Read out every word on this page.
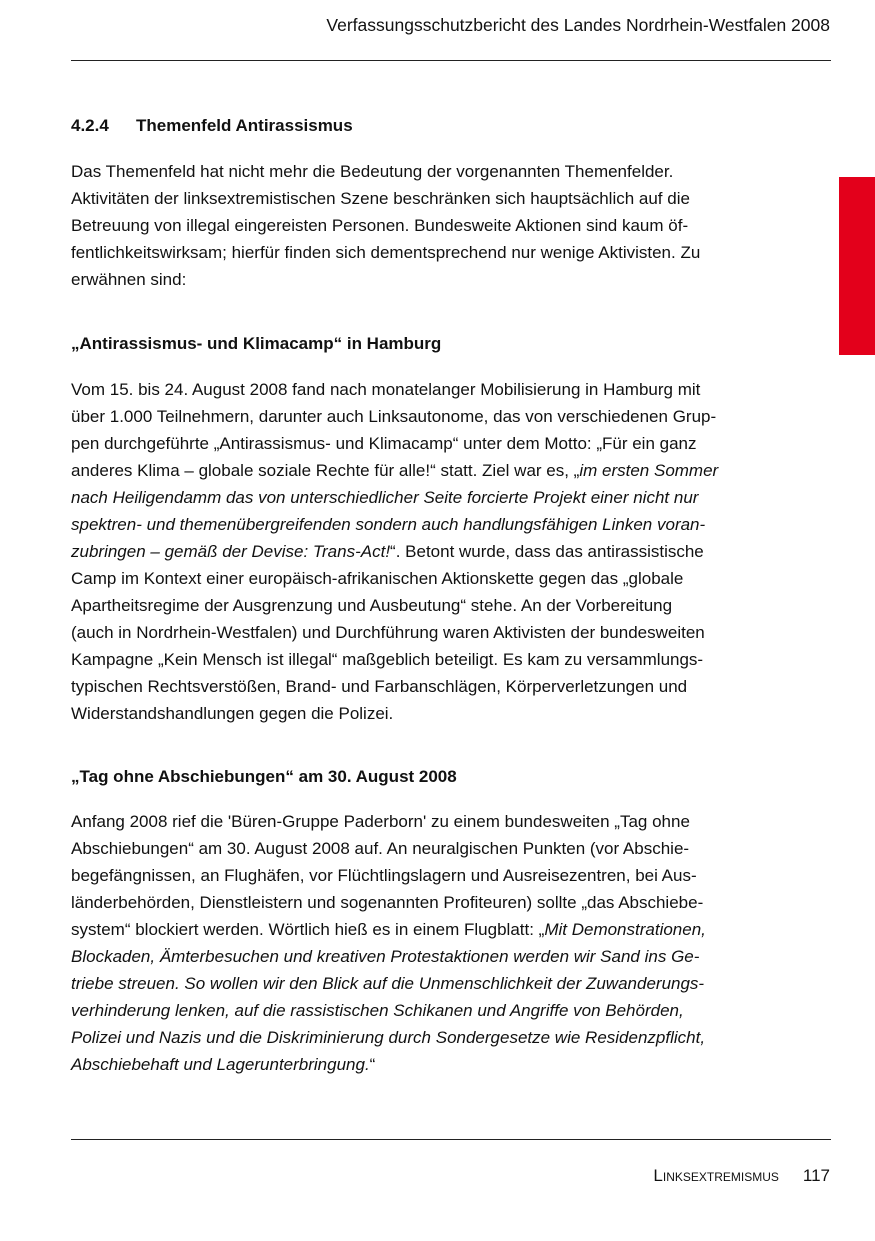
Verfassungsschutzbericht des Landes Nordrhein-Westfalen 2008
4.2.4 Themenfeld Antirassismus

Das Themenfeld hat nicht mehr die Bedeutung der vorgenannten Themenfelder.
Aktivitäten der linksextremistischen Szene beschränken sich hauptsächlich auf die
Betreuung von illegal eingereisten Personen. Bundesweite Aktionen sind kaum öf-
fentlichkeitswirksam; hierfür finden sich dementsprechend nur wenige Aktivisten. Zu
erwähnen sind:

„Antirassismus- und Klimacamp“ in Hamburg

Vom 15. bis 24. August 2008 fand nach monatelanger Mobilisierung in Hamburg mit
über 1.000 Teilnehmern, darunter auch Linksautonome, das von verschiedenen Grup-
pen durchgeführte „Antirassismus- und Klimacamp“ unter dem Motto: „Für ein ganz
anderes Klima – globale soziale Rechte für alle!“ statt. Ziel war es, „im ersten Sommer
nach Heiligendamm das von unterschiedlicher Seite forcierte Projekt einer nicht nur
spektren- und themenübergreifenden sondern auch handlungsfähigen Linken voran-
zubringen – gemäß der Devise: Trans-Act!“. Betont wurde, dass das antirassistische
Camp im Kontext einer europäisch-afrikanischen Aktionskette gegen das „globale
Apartheitsregime der Ausgrenzung und Ausbeutung“ stehe. An der Vorbereitung
(auch in Nordrhein-Westfalen) und Durchführung waren Aktivisten der bundesweiten
Kampagne „Kein Mensch ist illegal“ maßgeblich beteiligt. Es kam zu versammlungs-
typischen Rechtsverstößen, Brand- und Farbanschlägen, Körperverletzungen und
Widerstandshandlungen gegen die Polizei.

„Tag ohne Abschiebungen“ am 30. August 2008

Anfang 2008 rief die 'Büren-Gruppe Paderborn' zu einem bundesweiten „Tag ohne
Abschiebungen“ am 30. August 2008 auf. An neuralgischen Punkten (vor Abschie-
begefängnissen, an Flughäfen, vor Flüchtlingslagern und Ausreisezentren, bei Aus-
länderbehörden, Dienstleistern und sogenannten Profiteuren) sollte „das Abschiebe-
system“ blockiert werden. Wörtlich hieß es in einem Flugblatt: „Mit Demonstrationen,
Blockaden, Ämterbesuchen und kreativen Protestaktionen werden wir Sand ins Ge-
triebe streuen. So wollen wir den Blick auf die Unmenschlichkeit der Zuwanderungs-
verhinderung lenken, auf die rassistischen Schikanen und Angriffe von Behörden,
Polizei und Nazis und die Diskriminierung durch Sondergesetze wie Residenzpflicht,
Abschiebehaft und Lagerunterbringung.“

Linksextremismus 117
